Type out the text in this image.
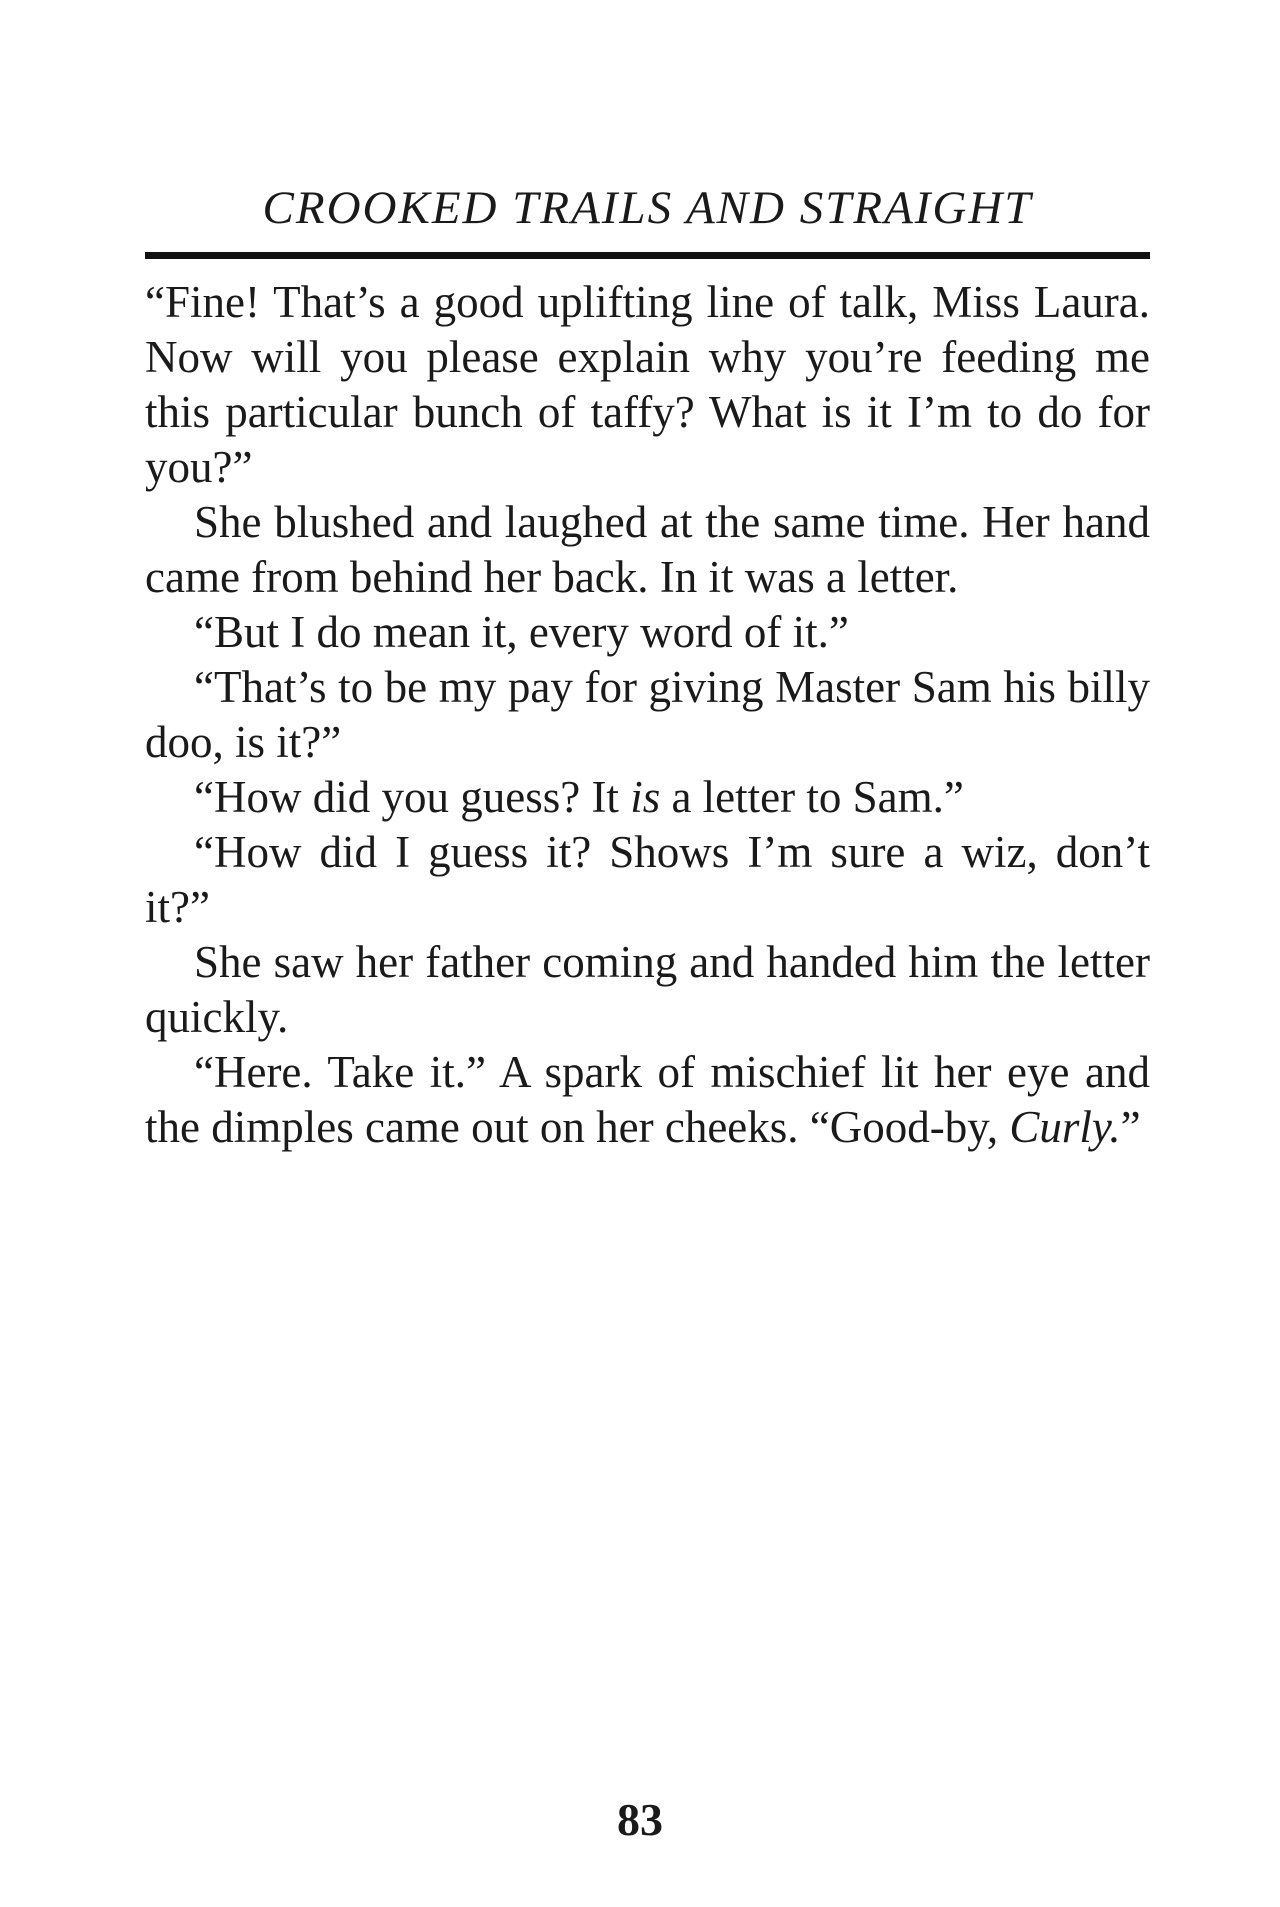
CROOKED TRAILS AND STRAIGHT

“Fine! That’s a good uplifting line of talk, Miss Laura. Now will you please explain why you’re feeding me this particular bunch of taffy? What is it I’m to do for you?”

She blushed and laughed at the same time. Her hand came from behind her back. In it was a letter.

“But I do mean it, every word of it.”

“That’s to be my pay for giving Master Sam his billy doo, is it?”

“How did you guess? It is a letter to Sam.”

“How did I guess it? Shows I’m sure a wiz, don’t it?”

She saw her father coming and handed him the letter quickly.

“Here. Take it.” A spark of mischief lit her eye and the dimples came out on her cheeks. “Good-by, Curly.”

83
